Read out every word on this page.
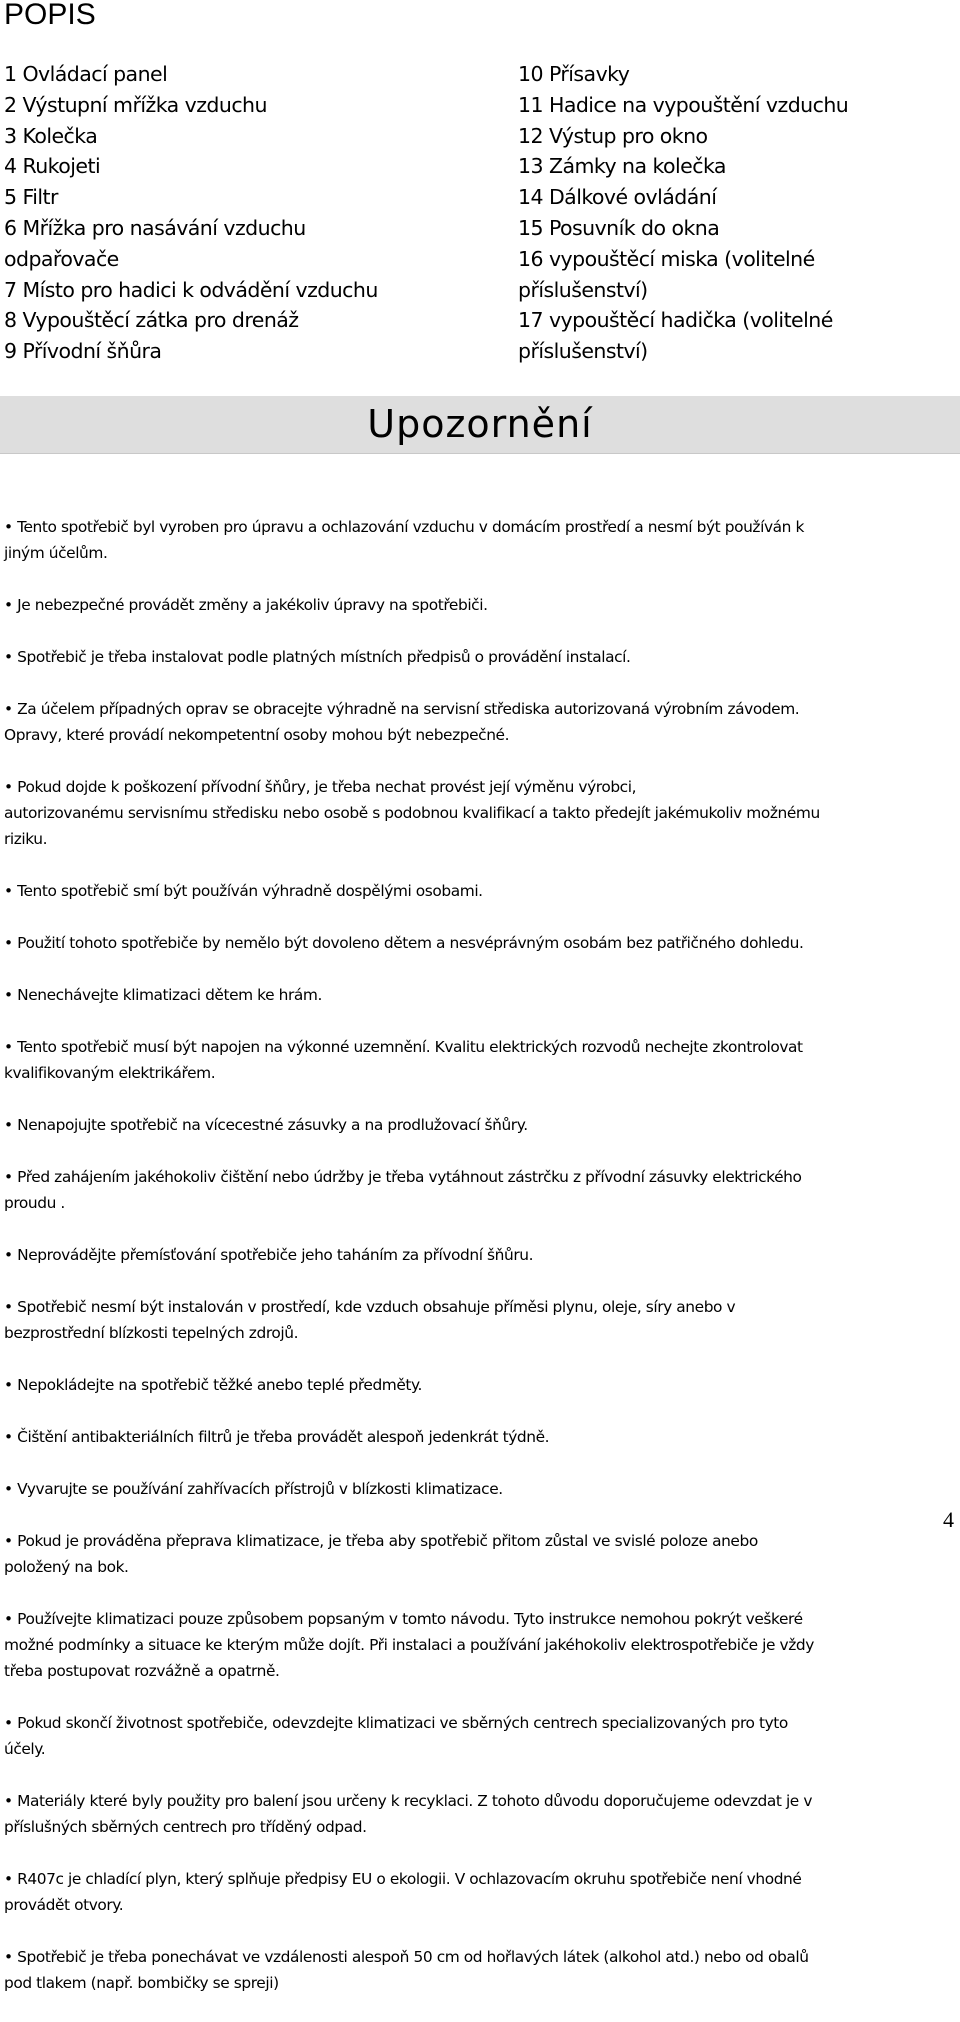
POPIS
1 Ovládací panel
2 Výstupní mřížka vzduchu
3 Kolečka
4 Rukojeti
5 Filtr
6 Mřížka pro nasávání vzduchu
odpařovače
7 Místo pro hadici k odvádění vzduchu
8 Vypouštěcí zátka pro drenáž
9 Přívodní šňůra
10 Přísavky
11 Hadice na vypouštění vzduchu
12 Výstup pro okno
13 Zámky na kolečka
14 Dálkové ovládání
15 Posuvník do okna
16 vypouštěcí miska (volitelné
příslušenství)
17 vypouštěcí hadička (volitelné
příslušenství)
Upozornění

• Tento spotřebič byl vyroben pro úpravu a ochlazování vzduchu v domácím prostředí a nesmí být používán k
jiným účelům.

• Je nebezpečné provádět změny a jakékoliv úpravy na spotřebiči.

• Spotřebič je třeba instalovat podle platných místních předpisů o provádění instalací.

• Za účelem případných oprav se obracejte výhradně na servisní střediska autorizovaná výrobním závodem.
Opravy, které provádí nekompetentní osoby mohou být nebezpečné.

• Pokud dojde k poškození přívodní šňůry, je třeba nechat provést její výměnu výrobci,
autorizovanému servisnímu středisku nebo osobě s podobnou kvalifikací a takto předejít jakémukoliv možnému
riziku.

• Tento spotřebič smí být používán výhradně dospělými osobami.

• Použití tohoto spotřebiče by nemělo být dovoleno dětem a nesvéprávným osobám bez patřičného dohledu.

• Nenechávejte klimatizaci dětem ke hrám.

• Tento spotřebič musí být napojen na výkonné uzemnění. Kvalitu elektrických rozvodů nechejte zkontrolovat
kvalifikovaným elektrikářem.

• Nenapojujte spotřebič na vícecestné zásuvky a na prodlužovací šňůry.

• Před zahájením jakéhokoliv čištění nebo údržby je třeba vytáhnout zástrčku z přívodní zásuvky elektrického
proudu .

• Neprovádějte přemísťování spotřebiče jeho taháním za přívodní šňůru.

• Spotřebič nesmí být instalován v prostředí, kde vzduch obsahuje příměsi plynu, oleje, síry anebo v
bezprostřední blízkosti tepelných zdrojů.

• Nepokládejte na spotřebič těžké anebo teplé předměty.

• Čištění antibakteriálních filtrů je třeba provádět alespoň jedenkrát týdně.

• Vyvarujte se používání zahřívacích přístrojů v blízkosti klimatizace.

• Pokud je prováděna přeprava klimatizace, je třeba aby spotřebič přitom zůstal ve svislé poloze anebo
položený na bok.

• Používejte klimatizaci pouze způsobem popsaným v tomto návodu. Tyto instrukce nemohou pokrýt veškeré
možné podmínky a situace ke kterým může dojít. Při instalaci a používání jakéhokoliv elektrospotřebiče je vždy
třeba postupovat rozvážně a opatrně.

• Pokud skončí životnost spotřebiče, odevzdejte klimatizaci ve sběrných centrech specializovaných pro tyto
účely.

• Materiály které byly použity pro balení jsou určeny k recyklaci. Z tohoto důvodu doporučujeme odevzdat je v
příslušných sběrných centrech pro tříděný odpad.

• R407c je chladící plyn, který splňuje předpisy EU o ekologii. V ochlazovacím okruhu spotřebiče není vhodné
provádět otvory.

• Spotřebič je třeba ponechávat ve vzdálenosti alespoň 50 cm od hořlavých látek (alkohol atd.) nebo od obalů
pod tlakem (např. bombičky se spreji)

4
